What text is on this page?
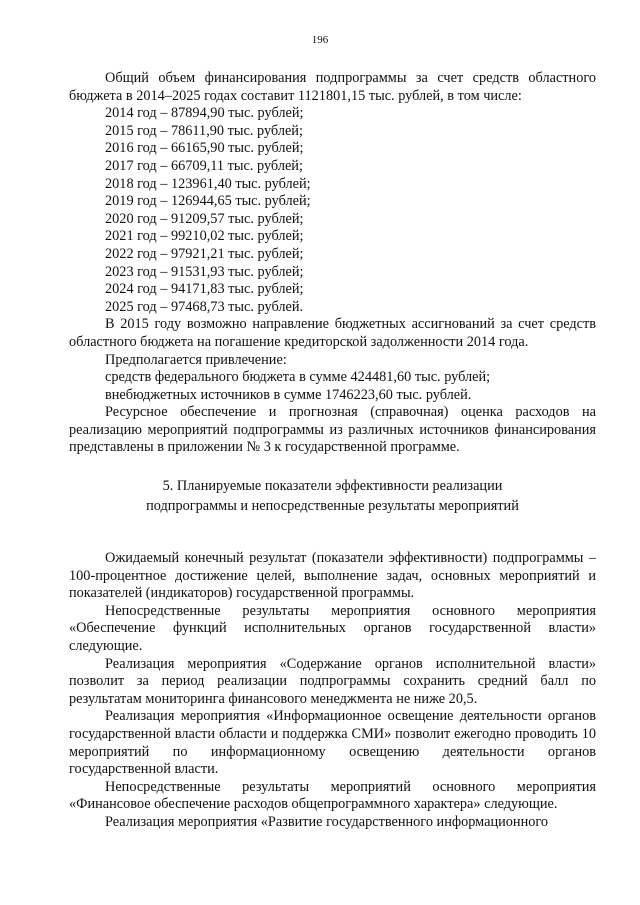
196

Общий объем финансирования подпрограммы за счет средств областного бюджета в 2014–2025 годах составит 1121801,15 тыс. рублей, в том числе:

2014 год – 87894,90 тыс. рублей;
2015 год – 78611,90 тыс. рублей;
2016 год – 66165,90 тыс. рублей;
2017 год – 66709,11 тыс. рублей;
2018 год – 123961,40 тыс. рублей;
2019 год – 126944,65 тыс. рублей;
2020 год – 91209,57 тыс. рублей;
2021 год – 99210,02 тыс. рублей;
2022 год – 97921,21 тыс. рублей;
2023 год – 91531,93 тыс. рублей;
2024 год – 94171,83 тыс. рублей;
2025 год – 97468,73 тыс. рублей.

В 2015 году возможно направление бюджетных ассигнований за счет средств областного бюджета на погашение кредиторской задолженности 2014 года.

Предполагается привлечение:

средств федерального бюджета в сумме 424481,60 тыс. рублей;
внебюджетных источников в сумме 1746223,60 тыс. рублей.

Ресурсное обеспечение и прогнозная (справочная) оценка расходов на реализацию мероприятий подпрограммы из различных источников финансирования представлены в приложении № 3 к государственной программе.

5. Планируемые показатели эффективности реализации
подпрограммы и непосредственные результаты мероприятий

Ожидаемый конечный результат (показатели эффективности) подпрограммы – 100-процентное достижение целей, выполнение задач, основных мероприятий и показателей (индикаторов) государственной программы.

Непосредственные результаты мероприятия основного мероприятия «Обеспечение функций исполнительных органов государственной власти» следующие.

Реализация мероприятия «Содержание органов исполнительной власти» позволит за период реализации подпрограммы сохранить средний балл по результатам мониторинга финансового менеджмента не ниже 20,5.

Реализация мероприятия «Информационное освещение деятельности органов государственной власти области и поддержка СМИ» позволит ежегодно проводить 10 мероприятий по информационному освещению деятельности органов государственной власти.

Непосредственные результаты мероприятий основного мероприятия «Финансовое обеспечение расходов общепрограммного характера» следующие.

Реализация мероприятия «Развитие государственного информационного
